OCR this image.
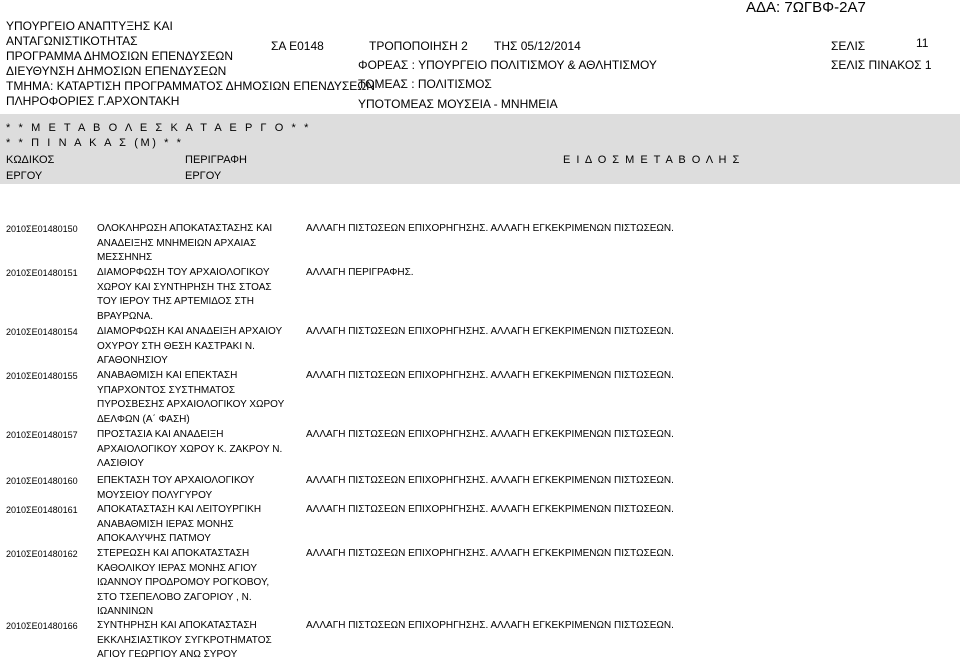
ΑΔΑ: 7ΩΓΒΦ-2Α7
ΥΠΟΥΡΓΕΙΟ ΑΝΑΠΤΥΞΗΣ ΚΑΙ
ΑΝΤΑΓΩΝΙΣΤΙΚΟΤΗΤΑΣ
ΠΡΟΓΡΑΜΜΑ ΔΗΜΟΣΙΩΝ ΕΠΕΝΔΥΣΕΩΝ
ΔΙΕΥΘΥΝΣΗ ΔΗΜΟΣΙΩΝ ΕΠΕΝΔΥΣΕΩΝ
ΤΜΗΜΑ: ΚΑΤΑΡΤΙΣΗ ΠΡΟΓΡΑΜΜΑΤΟΣ ΔΗΜΟΣΙΩΝ ΕΠΕΝΔΥΣΕΩΝ
ΠΛΗΡΟΦΟΡΙΕΣ Γ.ΑΡΧΟΝΤΑΚΗ
ΣΑ Ε0148	ΤΡΟΠΟΠΟΙΗΣΗ 2 ΤΗΣ 05/12/2014
ΦΟΡΕΑΣ : ΥΠΟΥΡΓΕΙΟ ΠΟΛΙΤΙΣΜΟΥ & ΑΘΛΗΤΙΣΜΟΥ
ΤΟΜΕΑΣ : ΠΟΛΙΤΙΣΜΟΣ
ΥΠΟΤΟΜΕΑΣ ΜΟΥΣΕΙΑ - ΜΝΗΜΕΙΑ
ΣΕΛΙΣ	11
ΣΕΛΙΣ ΠΙΝΑΚΟΣ 1
* * Μ Ε Τ Α Β Ο Λ Ε Σ Κ Α Τ Α Ε Ρ Γ Ο * *
* * Π Ι Ν Α Κ Α Σ (Μ) * *
ΚΩΔΙΚΟΣ
ΕΡΓΟΥ
ΠΕΡΙΓΡΑΦΗ
ΕΡΓΟΥ
Ε Ι Δ Ο Σ Μ Ε Τ Α Β Ο Λ Η Σ
2010ΣΕ01480150 ΟΛΟΚΛΗΡΩΣΗ ΑΠΟΚΑΤΑΣΤΑΣΗΣ ΚΑΙ
ΑΝΑΔΕΙΞΗΣ ΜΝΗΜΕΙΩΝ ΑΡΧΑΙΑΣ
ΜΕΣΣΗΝΗΣ
ΑΛΛΑΓΗ ΠΙΣΤΩΣΕΩΝ ΕΠΙΧΟΡΗΓΗΣΗΣ. ΑΛΛΑΓΗ ΕΓΚΕΚΡΙΜΕΝΩΝ ΠΙΣΤΩΣΕΩΝ.
2010ΣΕ01480151 ΔΙΑΜΟΡΦΩΣΗ ΤΟΥ ΑΡΧΑΙΟΛΟΓΙΚΟΥ
ΧΩΡΟΥ ΚΑΙ ΣΥΝΤΗΡΗΣΗ ΤΗΣ ΣΤΟΑΣ
ΤΟΥ ΙΕΡΟΥ ΤΗΣ ΑΡΤΕΜΙΔΟΣ ΣΤΗ
ΒΡΑΥΡΩΝΑ.
ΑΛΛΑΓΗ ΠΕΡΙΓΡΑΦΗΣ.
2010ΣΕ01480154 ΔΙΑΜΟΡΦΩΣΗ ΚΑΙ ΑΝΑΔΕΙΞΗ ΑΡΧΑΙΟΥ
ΟΧΥΡΟΥ ΣΤΗ ΘΕΣΗ ΚΑΣΤΡΑΚΙ Ν.
ΑΓΑΘΟΝΗΣΙΟΥ
ΑΛΛΑΓΗ ΠΙΣΤΩΣΕΩΝ ΕΠΙΧΟΡΗΓΗΣΗΣ. ΑΛΛΑΓΗ ΕΓΚΕΚΡΙΜΕΝΩΝ ΠΙΣΤΩΣΕΩΝ.
2010ΣΕ01480155 ΑΝΑΒΑΘΜΙΣΗ ΚΑΙ ΕΠΕΚΤΑΣΗ
ΥΠΑΡΧΟΝΤΟΣ ΣΥΣΤΗΜΑΤΟΣ
ΠΥΡΟΣΒΕΣΗΣ ΑΡΧΑΙΟΛΟΓΙΚΟΥ ΧΩΡΟΥ
ΔΕΛΦΩΝ (Α΄ ΦΑΣΗ)
ΑΛΛΑΓΗ ΠΙΣΤΩΣΕΩΝ ΕΠΙΧΟΡΗΓΗΣΗΣ. ΑΛΛΑΓΗ ΕΓΚΕΚΡΙΜΕΝΩΝ ΠΙΣΤΩΣΕΩΝ.
2010ΣΕ01480157 ΠΡΟΣΤΑΣΙΑ ΚΑΙ ΑΝΑΔΕΙΞΗ
ΑΡΧΑΙΟΛΟΓΙΚΟΥ ΧΩΡΟΥ Κ. ΖΑΚΡΟΥ Ν.
ΛΑΣΙΘΙΟΥ
ΑΛΛΑΓΗ ΠΙΣΤΩΣΕΩΝ ΕΠΙΧΟΡΗΓΗΣΗΣ. ΑΛΛΑΓΗ ΕΓΚΕΚΡΙΜΕΝΩΝ ΠΙΣΤΩΣΕΩΝ.
2010ΣΕ01480160 ΕΠΕΚΤΑΣΗ ΤΟΥ ΑΡΧΑΙΟΛΟΓΙΚΟΥ
ΜΟΥΣΕΙΟΥ ΠΟΛΥΓΥΡΟΥ
ΑΛΛΑΓΗ ΠΙΣΤΩΣΕΩΝ ΕΠΙΧΟΡΗΓΗΣΗΣ. ΑΛΛΑΓΗ ΕΓΚΕΚΡΙΜΕΝΩΝ ΠΙΣΤΩΣΕΩΝ.
2010ΣΕ01480161 ΑΠΟΚΑΤΑΣΤΑΣΗ ΚΑΙ ΛΕΙΤΟΥΡΓΙΚΗ
ΑΝΑΒΑΘΜΙΣΗ ΙΕΡΑΣ ΜΟΝΗΣ
ΑΠΟΚΑΛΥΨΗΣ ΠΑΤΜΟΥ
ΑΛΛΑΓΗ ΠΙΣΤΩΣΕΩΝ ΕΠΙΧΟΡΗΓΗΣΗΣ. ΑΛΛΑΓΗ ΕΓΚΕΚΡΙΜΕΝΩΝ ΠΙΣΤΩΣΕΩΝ.
2010ΣΕ01480162 ΣΤΕΡΕΩΣΗ ΚΑΙ ΑΠΟΚΑΤΑΣΤΑΣΗ
ΚΑΘΟΛΙΚΟΥ ΙΕΡΑΣ ΜΟΝΗΣ ΑΓΙΟΥ
ΙΩΑΝΝΟΥ ΠΡΟΔΡΟΜΟΥ ΡΟΓΚΟΒΟΥ,
ΣΤΟ ΤΣΕΠΕΛΟΒΟ ΖΑΓΟΡΙΟΥ , Ν.
ΙΩΑΝΝΙΝΩΝ
ΑΛΛΑΓΗ ΠΙΣΤΩΣΕΩΝ ΕΠΙΧΟΡΗΓΗΣΗΣ. ΑΛΛΑΓΗ ΕΓΚΕΚΡΙΜΕΝΩΝ ΠΙΣΤΩΣΕΩΝ.
2010ΣΕ01480166 ΣΥΝΤΗΡΗΣΗ ΚΑΙ ΑΠΟΚΑΤΑΣΤΑΣΗ
ΕΚΚΛΗΣΙΑΣΤΙΚΟΥ ΣΥΓΚΡΟΤΗΜΑΤΟΣ
ΑΓΙΟΥ ΓΕΩΡΓΙΟΥ ΑΝΩ ΣΥΡΟΥ
ΑΛΛΑΓΗ ΠΙΣΤΩΣΕΩΝ ΕΠΙΧΟΡΗΓΗΣΗΣ. ΑΛΛΑΓΗ ΕΓΚΕΚΡΙΜΕΝΩΝ ΠΙΣΤΩΣΕΩΝ.
